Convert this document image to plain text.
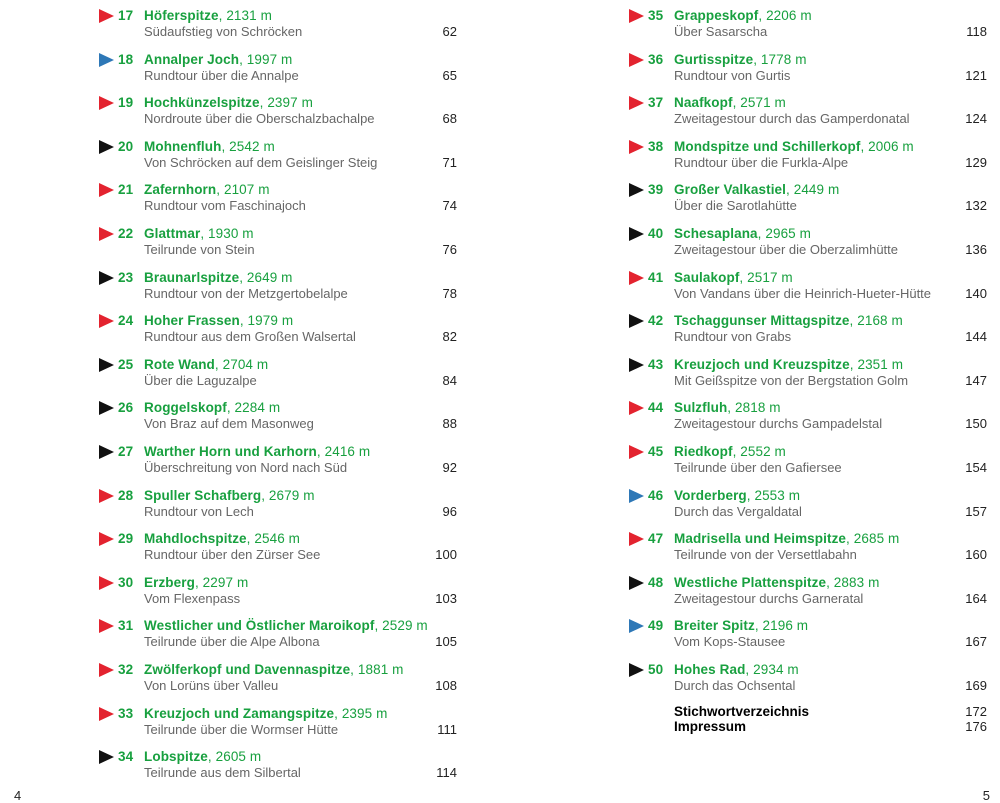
17 Höferspitze, 2131 m
Südaufstieg von Schröcken	62
18 Annalper Joch, 1997 m
Rundtour über die Annalpe	65
19 Hochkünzelspitze, 2397 m
Nordroute über die Oberschalzbachalpe	68
20 Mohnenfluh, 2542 m
Von Schröcken auf dem Geislinger Steig	71
21 Zafernhorn, 2107 m
Rundtour vom Faschinajoch	74
22 Glattmar, 1930 m
Teilrunde von Stein	76
23 Braunarlspitze, 2649 m
Rundtour von der Metzgertobelalpe	78
24 Hoher Frassen, 1979 m
Rundtour aus dem Großen Walsertal	82
25 Rote Wand, 2704 m
Über die Laguzalpe	84
26 Roggelskopf, 2284 m
Von Braz auf dem Masonweg	88
27 Warther Horn und Karhorn, 2416 m
Überschreitung von Nord nach Süd	92
28 Spuller Schafberg, 2679 m
Rundtour von Lech	96
29 Mahdlochspitze, 2546 m
Rundtour über den Zürser See	100
30 Erzberg, 2297 m
Vom Flexenpass	103
31 Westlicher und Östlicher Maroikopf, 2529 m
Teilrunde über die Alpe Albona	105
32 Zwölferkopf und Davennaspitze, 1881 m
Von Lorüns über Valleu	108
33 Kreuzjoch und Zamangspitze, 2395 m
Teilrunde über die Wormser Hütte	111
34 Lobspitze, 2605 m
Teilrunde aus dem Silbertal	114
35 Grappeskopf, 2206 m
Über Sasarscha	118
36 Gurtisspitze, 1778 m
Rundtour von Gurtis	121
37 Naafkopf, 2571 m
Zweitagestour durch das Gamperdonatal	124
38 Mondspitze und Schillerkopf, 2006 m
Rundtour über die Furkla-Alpe	129
39 Großer Valkastiel, 2449 m
Über die Sarotlahütte	132
40 Schesaplana, 2965 m
Zweitagestour über die Oberzalimhütte	136
41 Saulakopf, 2517 m
Von Vandans über die Heinrich-Hueter-Hütte	140
42 Tschaggunser Mittagspitze, 2168 m
Rundtour von Grabs	144
43 Kreuzjoch und Kreuzspitze, 2351 m
Mit Geißspitze von der Bergstation Golm	147
44 Sulzfluh, 2818 m
Zweitagestour durchs Gampadelstal	150
45 Riedkopf, 2552 m
Teilrunde über den Gafiersee	154
46 Vorderberg, 2553 m
Durch das Vergaldatal	157
47 Madrisella und Heimspitze, 2685 m
Teilrunde von der Versettlabahn	160
48 Westliche Plattenspitze, 2883 m
Zweitagestour durchs Garneratal	164
49 Breiter Spitz, 2196 m
Vom Kops-Stausee	167
50 Hohes Rad, 2934 m
Durch das Ochsental	169
Stichwortverzeichnis	172
Impressum	176
4	5
